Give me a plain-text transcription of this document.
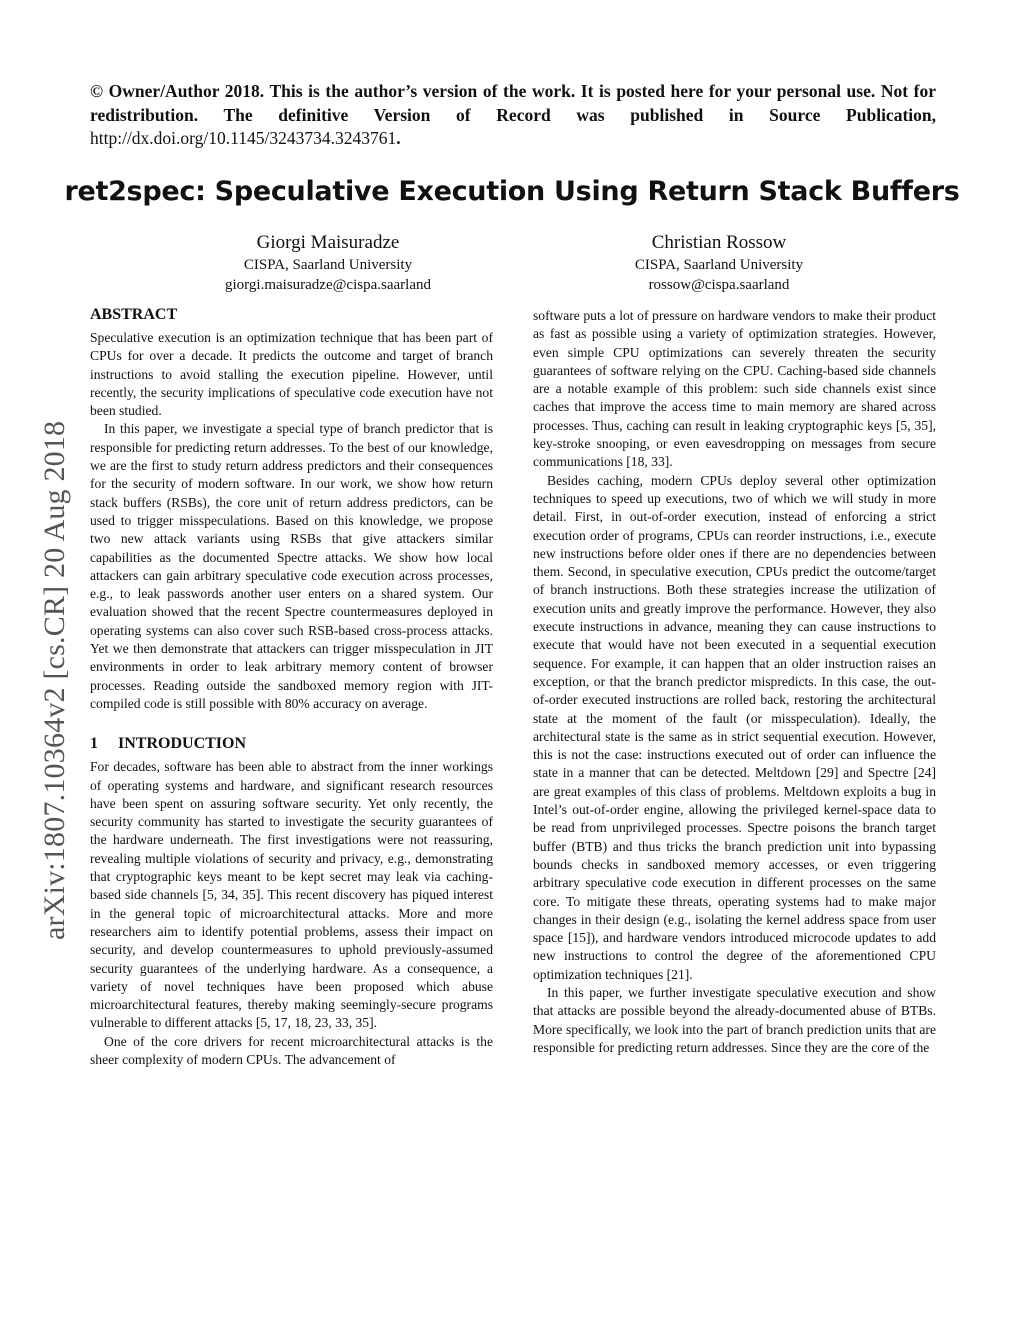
© Owner/Author 2018. This is the author’s version of the work. It is posted here for your personal use. Not for redistribution. The definitive Version of Record was published in Source Publication, http://dx.doi.org/10.1145/3243734.3243761.
ret2spec: Speculative Execution Using Return Stack Buffers
Giorgi Maisuradze
CISPA, Saarland University
giorgi.maisuradze@cispa.saarland
Christian Rossow
CISPA, Saarland University
rossow@cispa.saarland
arXiv:1807.10364v2 [cs.CR] 20 Aug 2018
ABSTRACT

Speculative execution is an optimization technique that has been part of CPUs for over a decade. It predicts the outcome and target of branch instructions to avoid stalling the execution pipeline. However, until recently, the security implications of speculative code execution have not been studied.

In this paper, we investigate a special type of branch predictor that is responsible for predicting return addresses. To the best of our knowledge, we are the first to study return address predictors and their consequences for the security of modern software. In our work, we show how return stack buffers (RSBs), the core unit of return address predictors, can be used to trigger misspeculations. Based on this knowledge, we propose two new attack variants using RSBs that give attackers similar capabilities as the documented Spectre attacks. We show how local attackers can gain arbitrary speculative code execution across processes, e.g., to leak passwords another user enters on a shared system. Our evaluation showed that the recent Spectre countermeasures deployed in operating systems can also cover such RSB-based cross-process attacks. Yet we then demonstrate that attackers can trigger misspeculation in JIT environments in order to leak arbitrary memory content of browser processes. Reading outside the sandboxed memory region with JIT-compiled code is still possible with 80% accuracy on average.

1 INTRODUCTION

For decades, software has been able to abstract from the inner workings of operating systems and hardware, and significant research resources have been spent on assuring software security. Yet only recently, the security community has started to investigate the security guarantees of the hardware underneath. The first investigations were not reassuring, revealing multiple violations of security and privacy, e.g., demonstrating that cryptographic keys meant to be kept secret may leak via caching-based side channels [5, 34, 35]. This recent discovery has piqued interest in the general topic of microarchitectural attacks. More and more researchers aim to identify potential problems, assess their impact on security, and develop countermeasures to uphold previously-assumed security guarantees of the underlying hardware. As a consequence, a variety of novel techniques have been proposed which abuse microarchitectural features, thereby making seemingly-secure programs vulnerable to different attacks [5, 17, 18, 23, 33, 35].

One of the core drivers for recent microarchitectural attacks is the sheer complexity of modern CPUs. The advancement of

software puts a lot of pressure on hardware vendors to make their product as fast as possible using a variety of optimization strategies. However, even simple CPU optimizations can severely threaten the security guarantees of software relying on the CPU. Caching-based side channels are a notable example of this problem: such side channels exist since caches that improve the access time to main memory are shared across processes. Thus, caching can result in leaking cryptographic keys [5, 35], key-stroke snooping, or even eavesdropping on messages from secure communications [18, 33].

Besides caching, modern CPUs deploy several other optimization techniques to speed up executions, two of which we will study in more detail. First, in out-of-order execution, instead of enforcing a strict execution order of programs, CPUs can reorder instructions, i.e., execute new instructions before older ones if there are no dependencies between them. Second, in speculative execution, CPUs predict the outcome/target of branch instructions. Both these strategies increase the utilization of execution units and greatly improve the performance. However, they also execute instructions in advance, meaning they can cause instructions to execute that would have not been executed in a sequential execution sequence. For example, it can happen that an older instruction raises an exception, or that the branch predictor mispredicts. In this case, the out-of-order executed instructions are rolled back, restoring the architectural state at the moment of the fault (or misspeculation). Ideally, the architectural state is the same as in strict sequential execution. However, this is not the case: instructions executed out of order can influence the state in a manner that can be detected. Meltdown [29] and Spectre [24] are great examples of this class of problems. Meltdown exploits a bug in Intel’s out-of-order engine, allowing the privileged kernel-space data to be read from unprivileged processes. Spectre poisons the branch target buffer (BTB) and thus tricks the branch prediction unit into bypassing bounds checks in sandboxed memory accesses, or even triggering arbitrary speculative code execution in different processes on the same core. To mitigate these threats, operating systems had to make major changes in their design (e.g., isolating the kernel address space from user space [15]), and hardware vendors introduced microcode updates to add new instructions to control the degree of the aforementioned CPU optimization techniques [21].

In this paper, we further investigate speculative execution and show that attacks are possible beyond the already-documented abuse of BTBs. More specifically, we look into the part of branch prediction units that are responsible for predicting return addresses. Since they are the core of the
